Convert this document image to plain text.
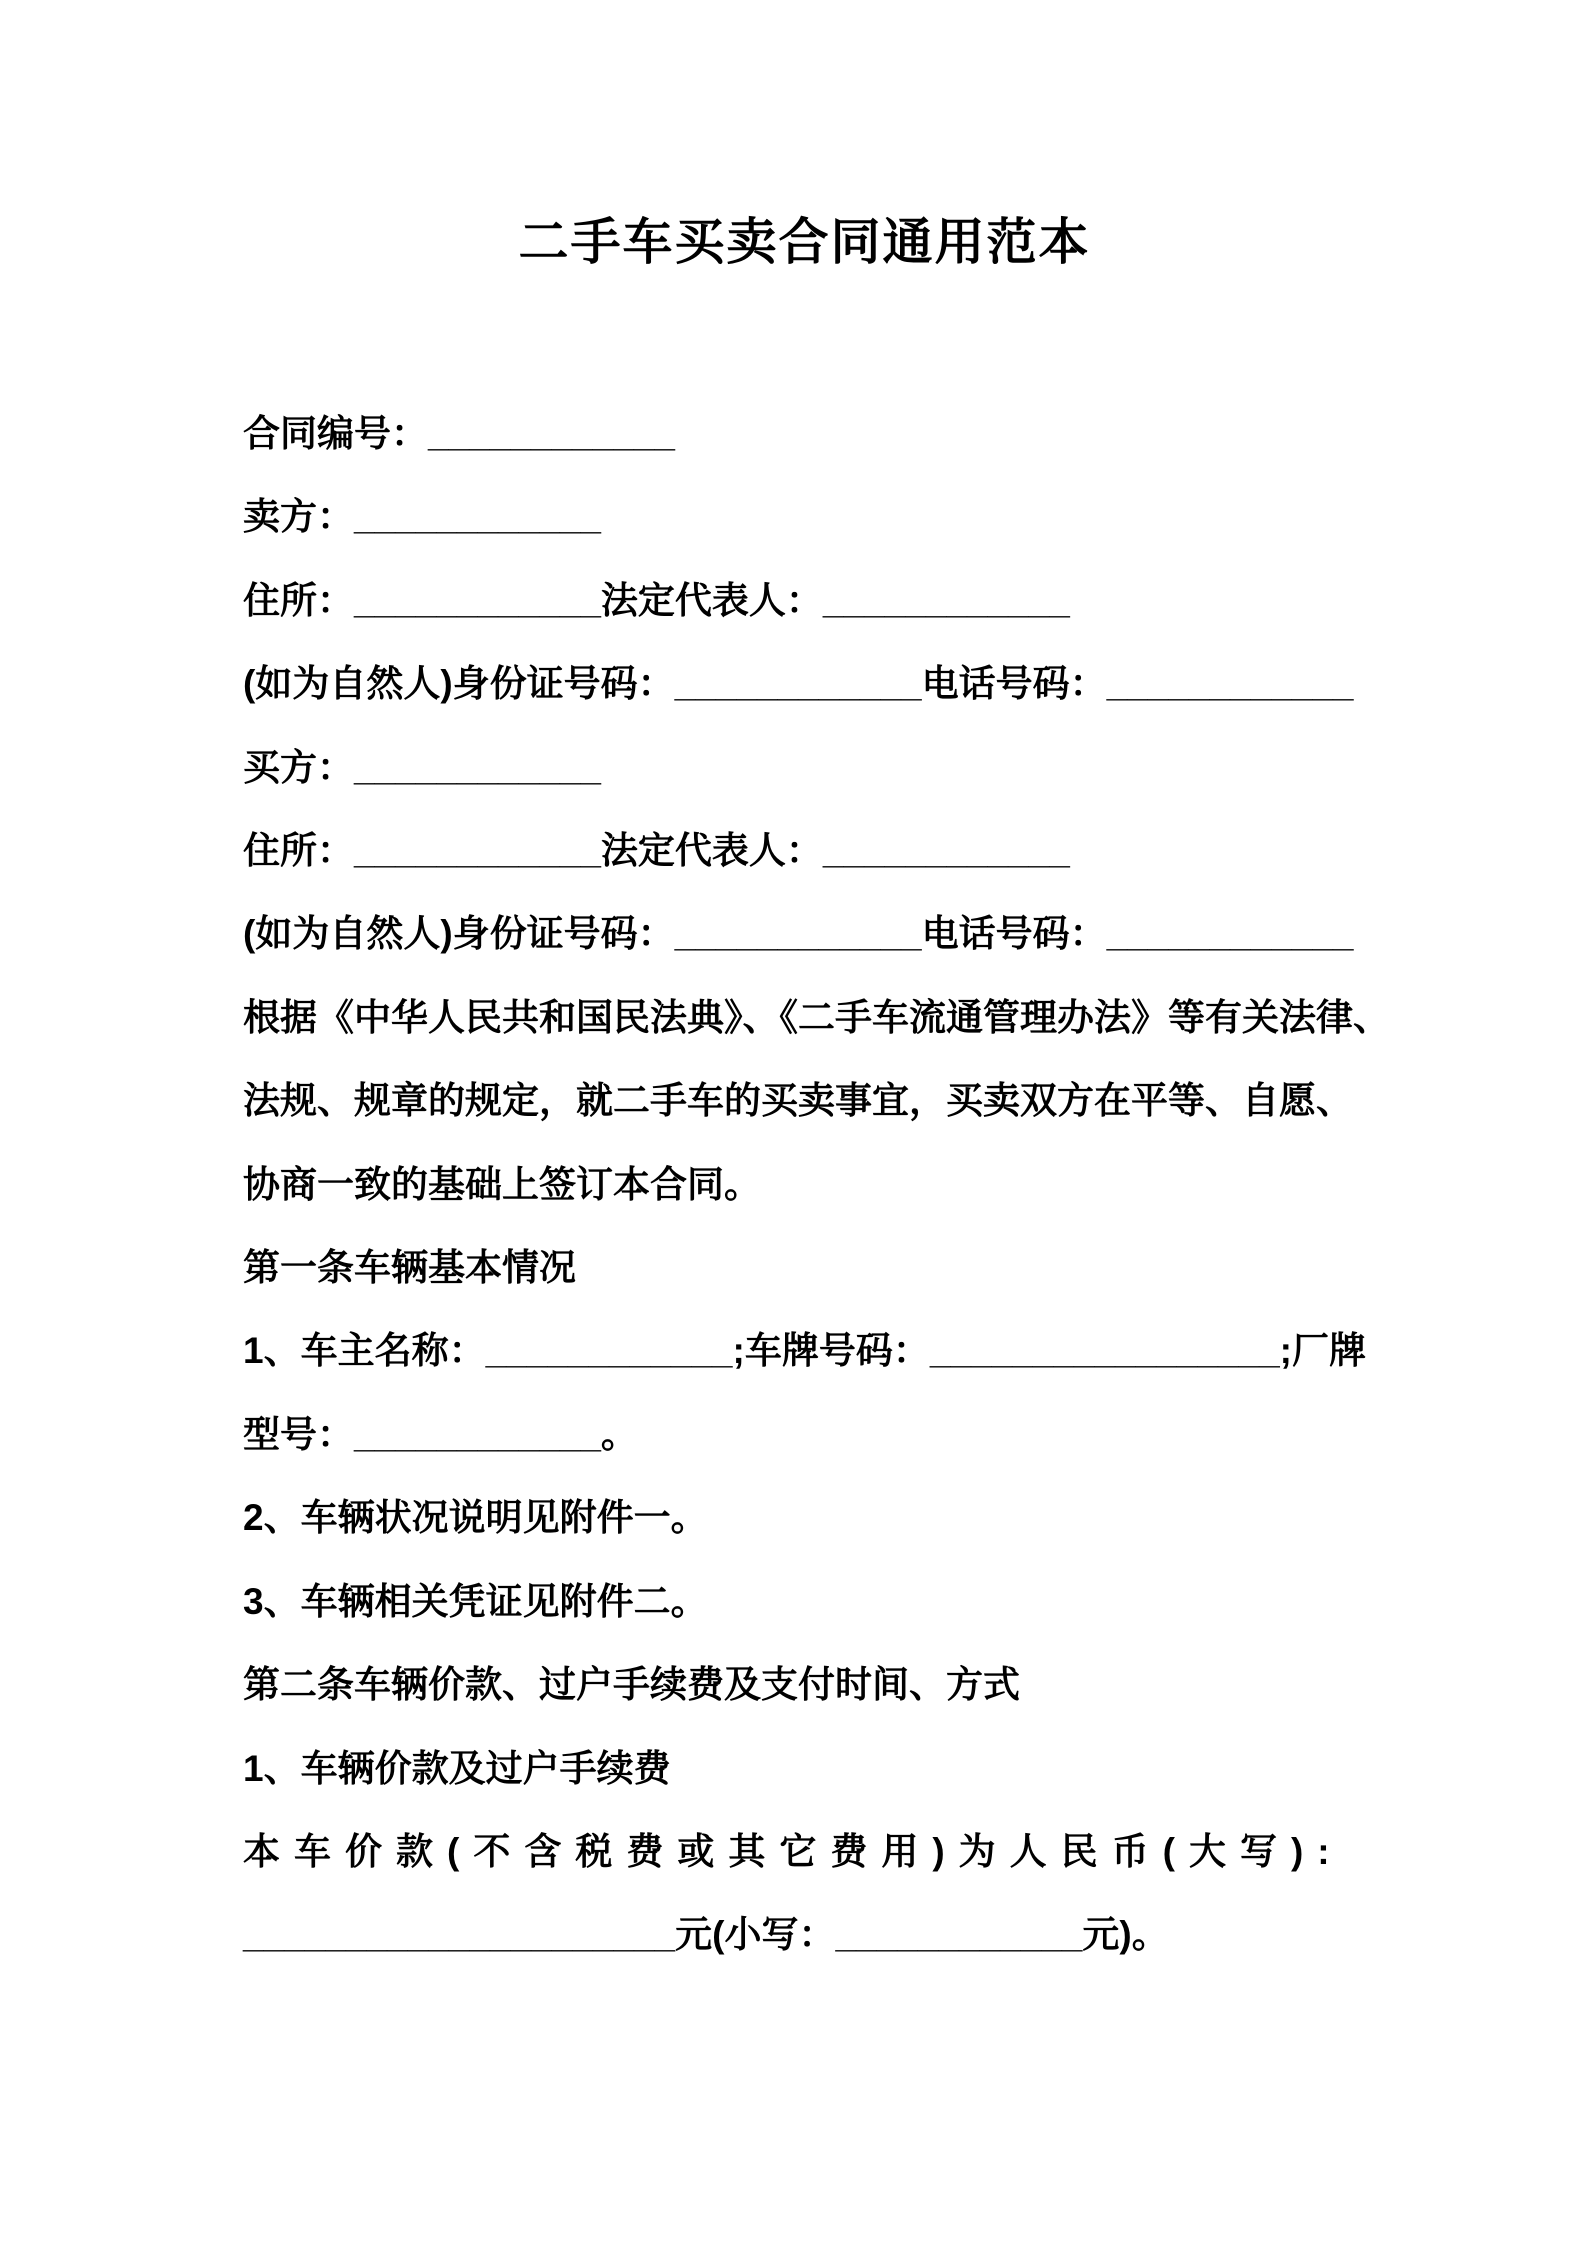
二手车买卖合同通用范本

合同编号：____________

卖方：____________

住所：____________法定代表人：____________

(如为自然人)身份证号码：____________电话号码：____________

买方：____________

住所：____________法定代表人：____________

(如为自然人)身份证号码：____________电话号码：____________

根据《中华人民共和国民法典》、《二手车流通管理办法》等有关法律、

法规、规章的规定，就二手车的买卖事宜，买卖双方在平等、自愿、

协商一致的基础上签订本合同。

第一条车辆基本情况

1、车主名称：____________;车牌号码：_________________;厂牌

型号：____________。

2、车辆状况说明见附件一。

3、车辆相关凭证见附件二。

第二条车辆价款、过户手续费及支付时间、方式

1、车辆价款及过户手续费

本车价款(不含税费或其它费用)为人民币(大写):

_____________________元(小写：____________元)。
